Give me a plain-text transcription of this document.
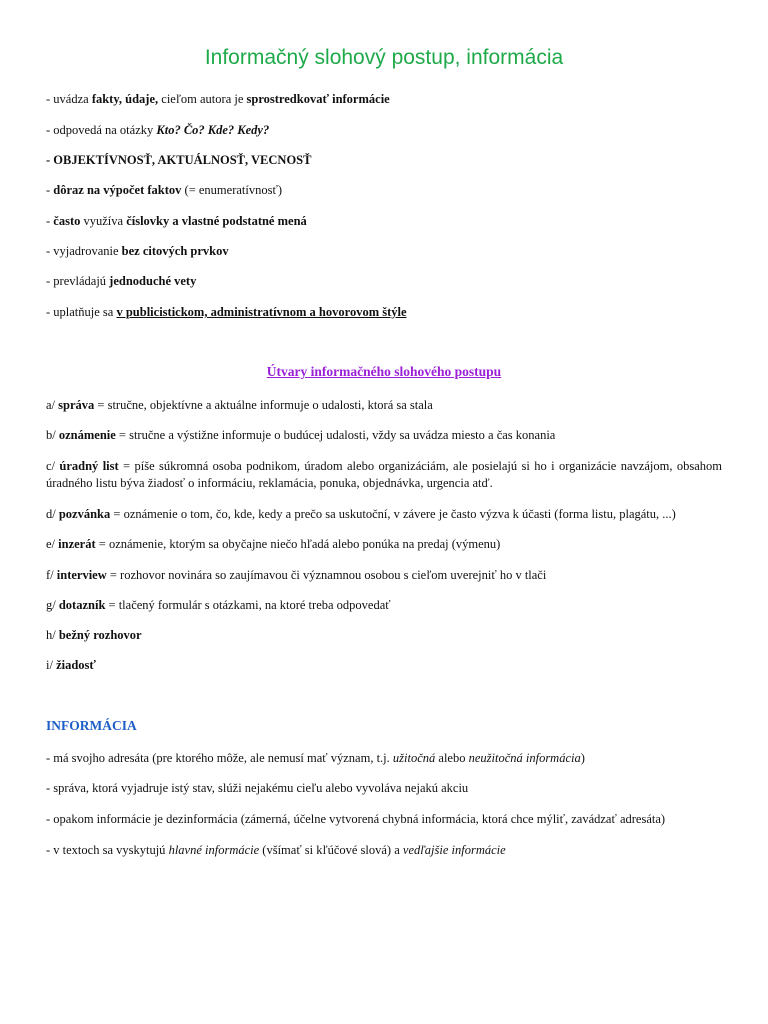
Informačný slohový postup, informácia
- uvádza fakty, údaje, cieľom autora je sprostredkovať informácie
- odpovedá na otázky Kto? Čo? Kde? Kedy?
- OBJEKTÍVNOSŤ, AKTUÁLNOSŤ, VECNOSŤ
- dôraz na výpočet faktov (= enumeratívnosť)
- často využíva číslovky a vlastné podstatné mená
- vyjadrovanie bez citových prvkov
- prevládajú jednoduché vety
- uplatňuje sa v publicistickom, administratívnom a hovorovom štýle
Útvary informačného slohového postupu
a/ správa = stručne, objektívne a aktuálne informuje o udalosti, ktorá sa stala
b/ oznámenie = stručne a výstižne informuje o budúcej udalosti, vždy sa uvádza miesto a čas konania
c/ úradný list = píše súkromná osoba podnikom, úradom alebo organizáciám, ale posielajú si ho i organizácie navzájom, obsahom úradného listu býva žiadosť o informáciu, reklamácia, ponuka, objednávka, urgencia atď.
d/ pozvánka = oznámenie o tom, čo, kde, kedy a prečo sa uskutoční, v závere je často výzva k účasti (forma listu, plagátu, ...)
e/ inzerát = oznámenie, ktorým sa obyčajne niečo hľadá alebo ponúka na predaj (výmenu)
f/ interview = rozhovor novinára so zaujímavou či významnou osobou s cieľom uverejniť ho v tlači
g/ dotazník = tlačený formulár s otázkami, na ktoré treba odpovedať
h/ bežný rozhovor
i/ žiadosť
INFORMÁCIA
- má svojho adresáta (pre ktorého môže, ale nemusí mať význam, t.j. užitočná alebo neužitočná informácia)
- správa, ktorá vyjadruje istý stav, slúži nejakému cieľu alebo vyvoláva nejakú akciu
- opakom informácie je dezinformácia (zámerná, účelne vytvorená chybná informácia, ktorá chce mýliť, zavádzať adresáta)
- v textoch sa vyskytujú hlavné informácie (všímať si kľúčové slová) a vedľajšie informácie
